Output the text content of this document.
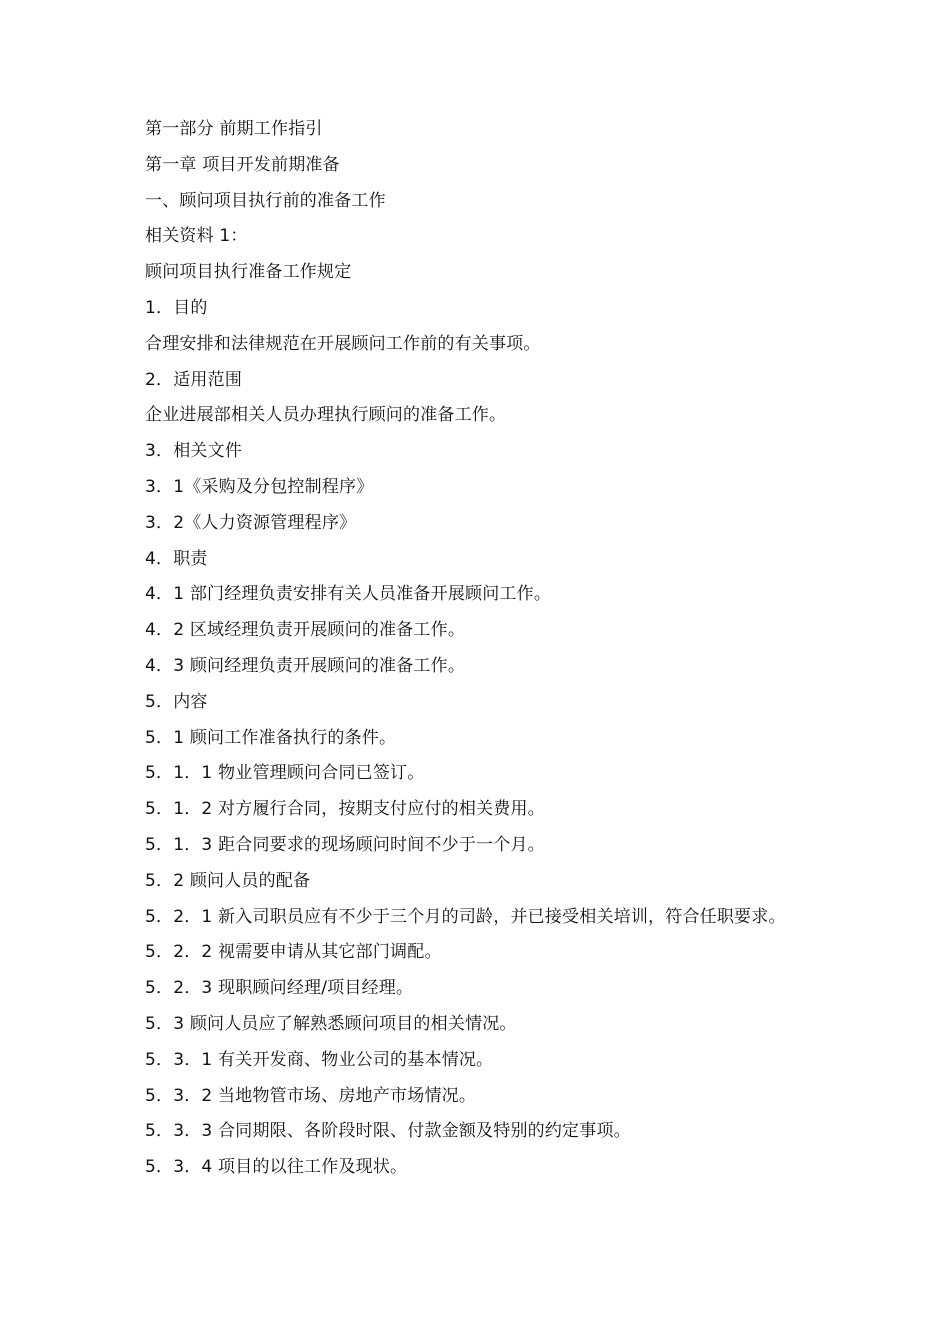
第一部分 前期工作指引
第一章 项目开发前期准备
一、顾问项目执行前的准备工作
相关资料 1：
顾问项目执行准备工作规定
1．目的
合理安排和法律规范在开展顾问工作前的有关事项。
2．适用范围
企业进展部相关人员办理执行顾问的准备工作。
3．相关文件
3．1《采购及分包控制程序》
3．2《人力资源管理程序》
4．职责
4．1 部门经理负责安排有关人员准备开展顾问工作。
4．2 区域经理负责开展顾问的准备工作。
4．3 顾问经理负责开展顾问的准备工作。
5．内容
5．1 顾问工作准备执行的条件。
5．1．1 物业管理顾问合同已签订。
5．1．2 对方履行合同，按期支付应付的相关费用。
5．1．3 距合同要求的现场顾问时间不少于一个月。
5．2 顾问人员的配备
5．2．1 新入司职员应有不少于三个月的司龄，并已接受相关培训，符合任职要求。
5．2．2 视需要申请从其它部门调配。
5．2．3 现职顾问经理/项目经理。
5．3 顾问人员应了解熟悉顾问项目的相关情况。
5．3．1 有关开发商、物业公司的基本情况。
5．3．2 当地物管市场、房地产市场情况。
5．3．3 合同期限、各阶段时限、付款金额及特别的约定事项。
5．3．4 项目的以往工作及现状。
